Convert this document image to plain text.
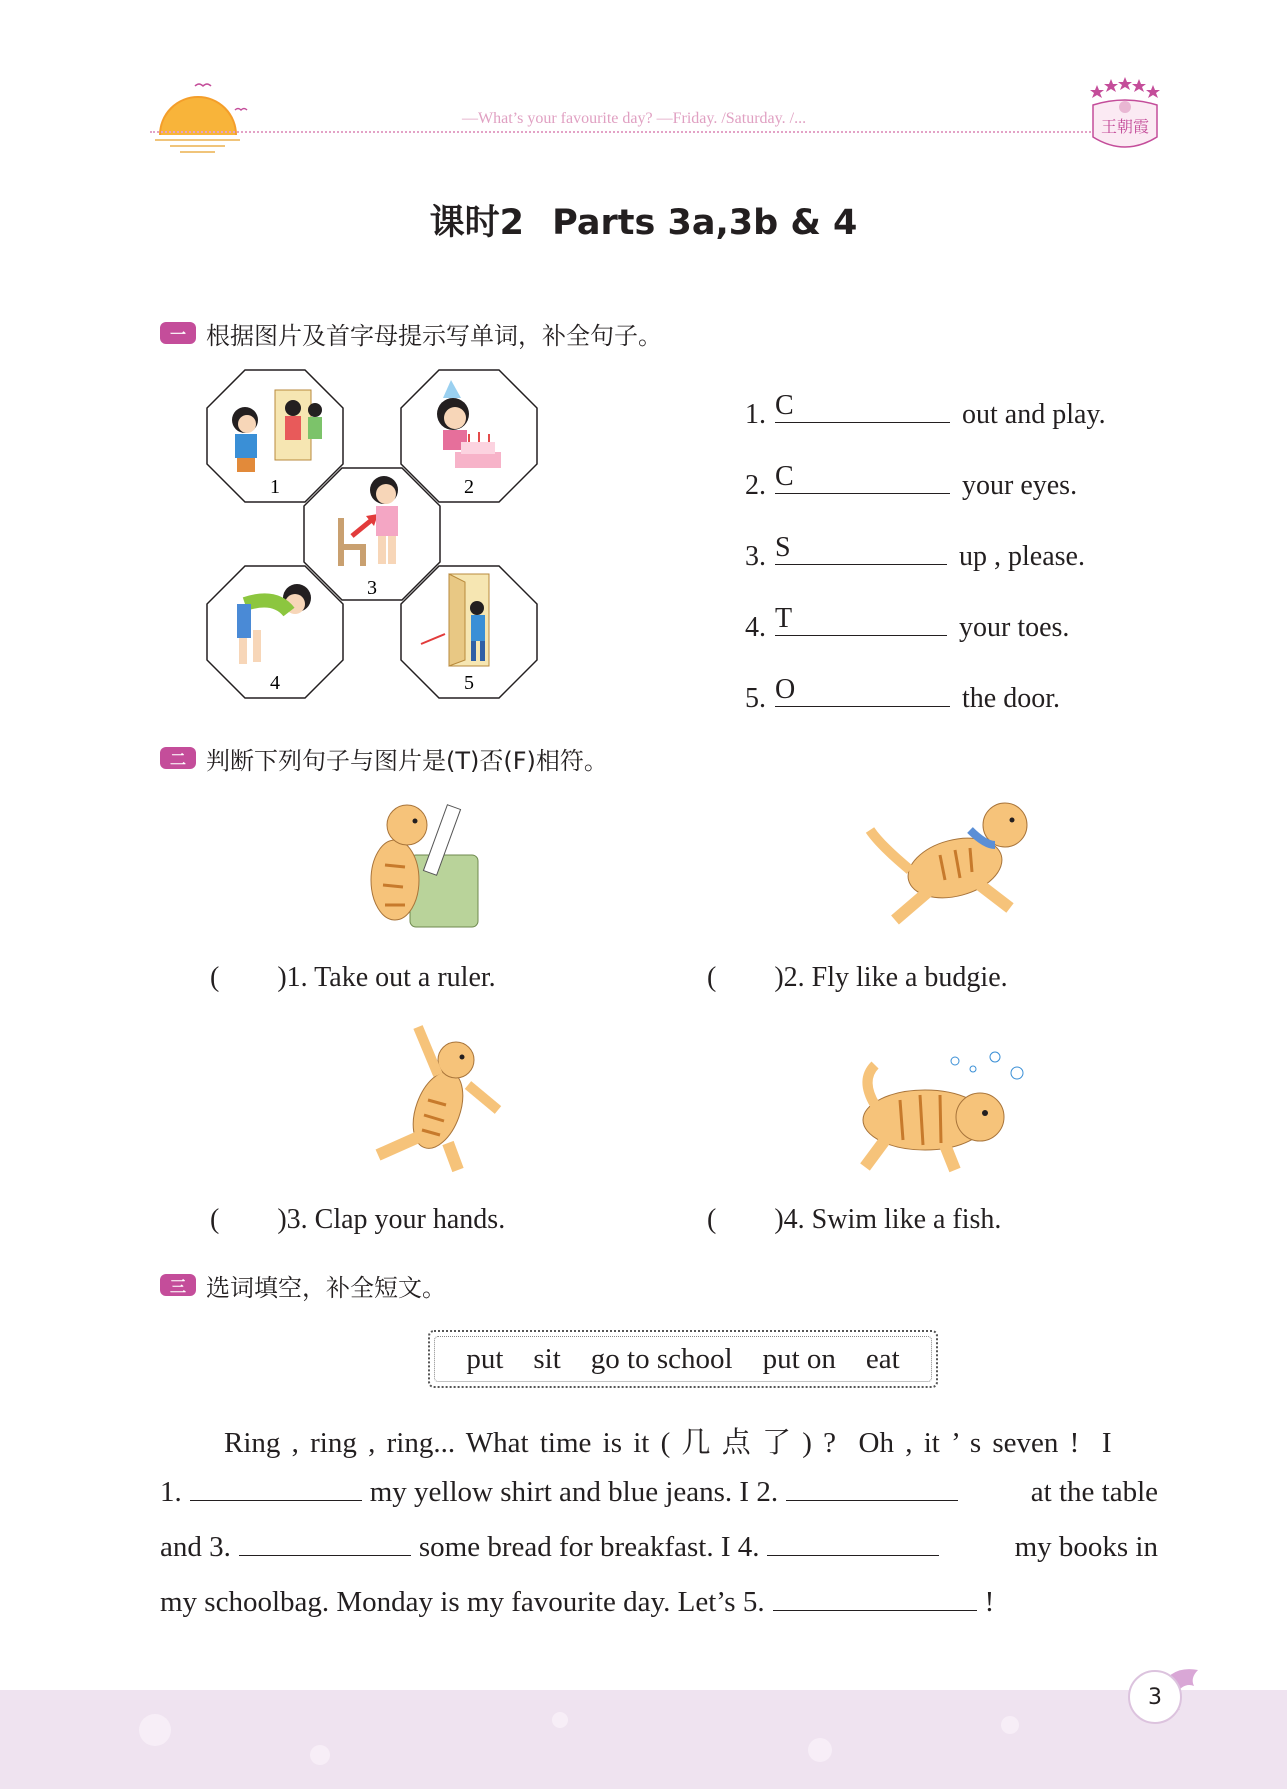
—What’s your favourite day? —Friday. /Saturday. /...	王朝霞
课时2 Parts 3a,3b & 4
一 根据图片及首字母提示写单词，补全句子。
1	2
3
4	5
1.
C	out and play.
2.
C	your eyes.
3.
S	up , please.
4.
T	your toes.
5.
O	the door.
二 判断下列句子与图片是(T)否(F)相符。
( )1. Take out a ruler.	( )2. Fly like a budgie.
( )3. Clap your hands.	( )4. Swim like a fish.
三 选词填空，补全短文。
put sit go to school put on eat
Ring , ring , ring... What time is it ( 几 点 了 ) ?  Oh , it ’ s seven !  I
1.	my yellow shirt and blue jeans. I 2.	at the table
and 3.	some bread for breakfast. I 4.	my books in
my schoolbag. Monday is my favourite day. Let’s 5.	!
3
